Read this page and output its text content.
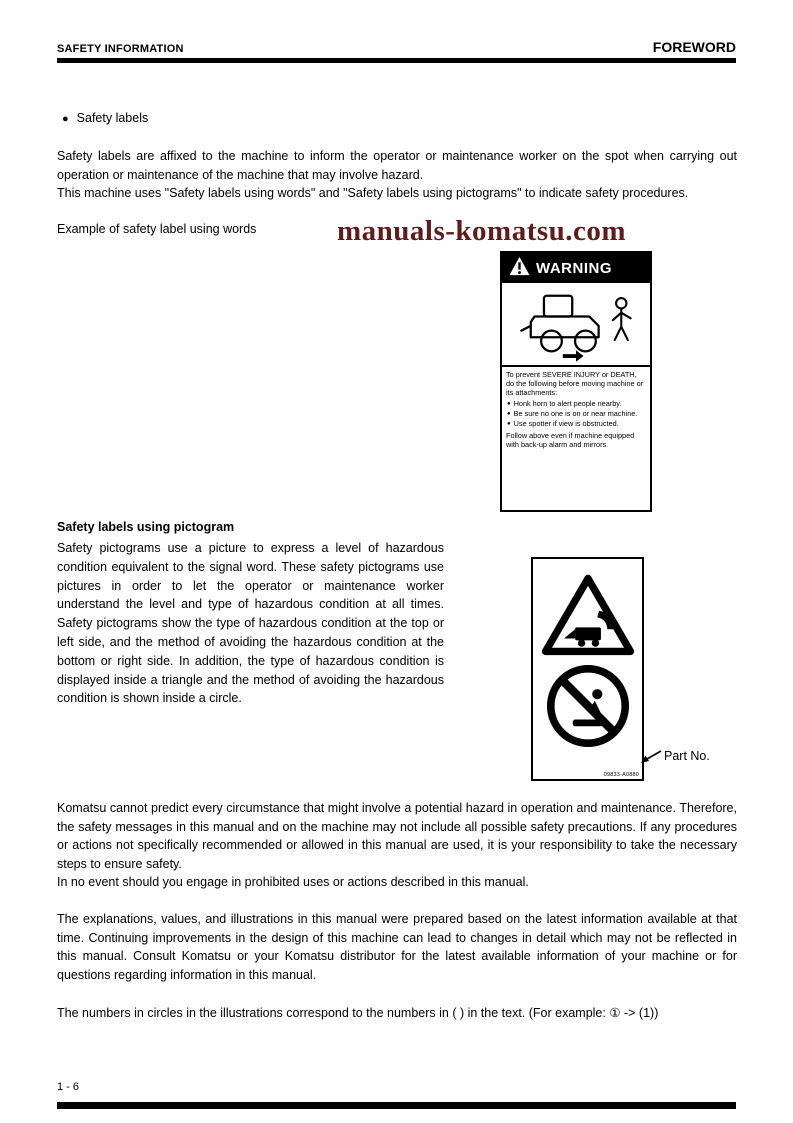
SAFETY INFORMATION	FOREWORD
● Safety labels

Safety labels are affixed to the machine to inform the operator or maintenance worker on the spot when carrying out operation or maintenance of the machine that may involve hazard.

This machine uses "Safety labels using words" and "Safety labels using pictograms" to indicate safety procedures.

Example of safety label using words	manuals-komatsu.com
WARNING
To prevent SEVERE INJURY or DEATH, do the following before moving machine or its attachments:
● Honk horn to alert people nearby.
● Be sure no one is on or near machine.
● Use spotter if view is obstructed.
Follow above even if machine equipped with back-up alarm and mirrors.
Safety labels using pictogram
Safety pictograms use a picture to express a level of hazardous condition equivalent to the signal word. These safety pictograms use pictures in order to let the operator or maintenance worker understand the level and type of hazardous condition at all times. Safety pictograms show the type of hazardous condition at the top or left side, and the method of avoiding the hazardous condition at the bottom or right side. In addition, the type of hazardous condition is displayed inside a triangle and the method of avoiding the hazardous condition is shown inside a circle.
09833-A0880
Part No.

Komatsu cannot predict every circumstance that might involve a potential hazard in operation and maintenance. Therefore, the safety messages in this manual and on the machine may not include all possible safety precautions. If any procedures or actions not specifically recommended or allowed in this manual are used, it is your responsibility to take the necessary steps to ensure safety.

In no event should you engage in prohibited uses or actions described in this manual.

The explanations, values, and illustrations in this manual were prepared based on the latest information available at that time. Continuing improvements in the design of this machine can lead to changes in detail which may not be reflected in this manual. Consult Komatsu or your Komatsu distributor for the latest available information of your machine or for questions regarding information in this manual.

The numbers in circles in the illustrations correspond to the numbers in ( ) in the text. (For example: ① -> (1))

1 - 6
